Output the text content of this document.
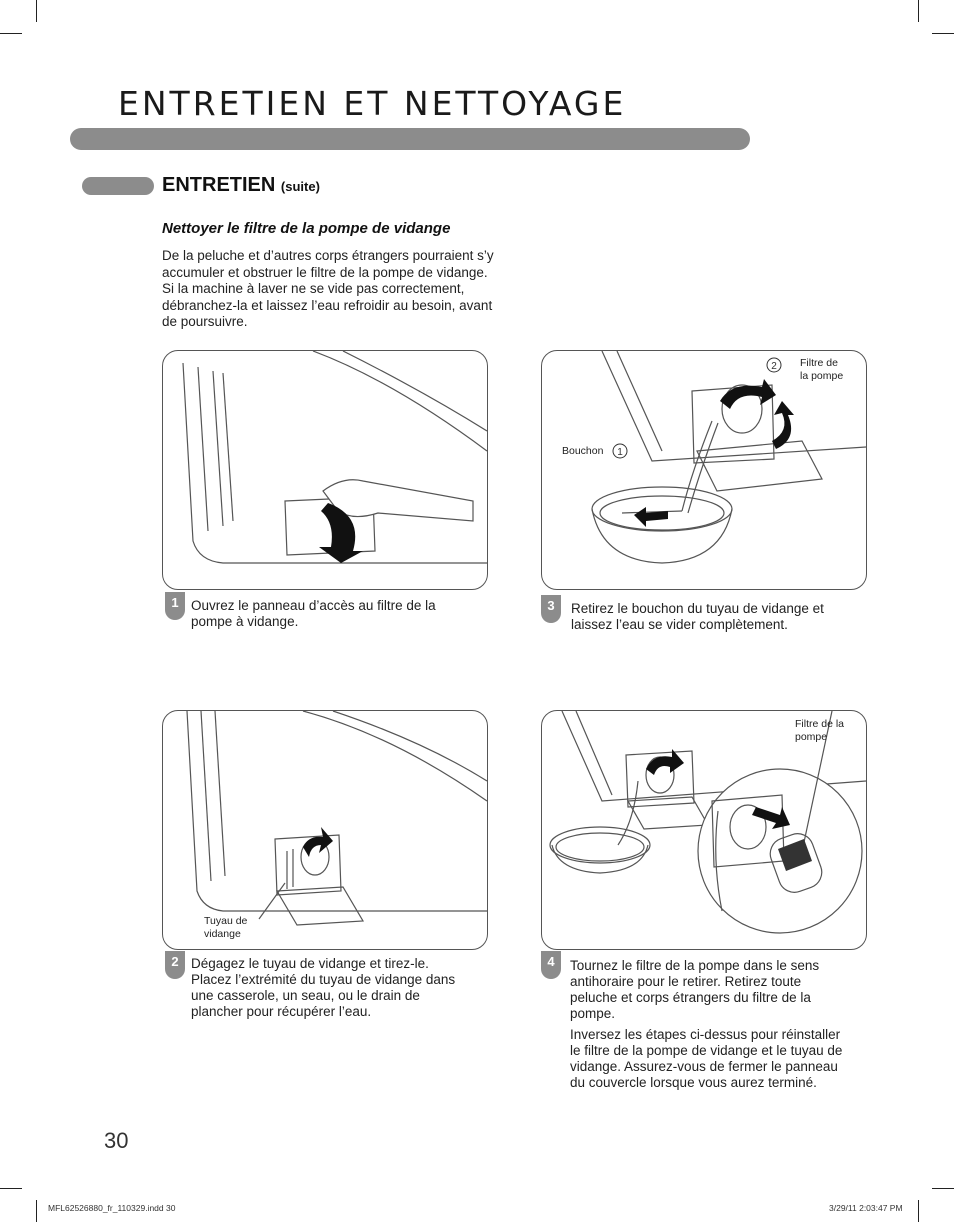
ENTRETIEN ET NETTOYAGE
ENTRETIEN (suite)
Nettoyer le filtre de la pompe de vidange
De la peluche et d’autres corps étrangers pourraient s’y accumuler et obstruer le filtre de la pompe de vidange. Si la machine à laver ne se vide pas correctement, débranchez-la et laissez l’eau refroidir au besoin, avant de poursuivre.
1 Ouvrez le panneau d’accès au filtre de la pompe à vidange.
2
1
Filtre de la pompe
Bouchon
3	Retirez le bouchon du tuyau de vidange et laissez l’eau se vider complètement.
Tuyau de vidange
2 Dégagez le tuyau de vidange et tirez-le. Placez l’extrémité du tuyau de vidange dans une casserole, un seau, ou le drain de plancher pour récupérer l’eau.
Filtre de la pompe
4	Tournez le filtre de la pompe dans le sens antihoraire pour le retirer. Retirez toute peluche et corps étrangers du filtre de la pompe.
Inversez les étapes ci-dessus pour réinstaller le filtre de la pompe de vidange et le tuyau de vidange. Assurez-vous de fermer le panneau du couvercle lorsque vous aurez terminé.
30
MFL62526880_fr_110329.indd 30	3/29/11 2:03:47 PM
